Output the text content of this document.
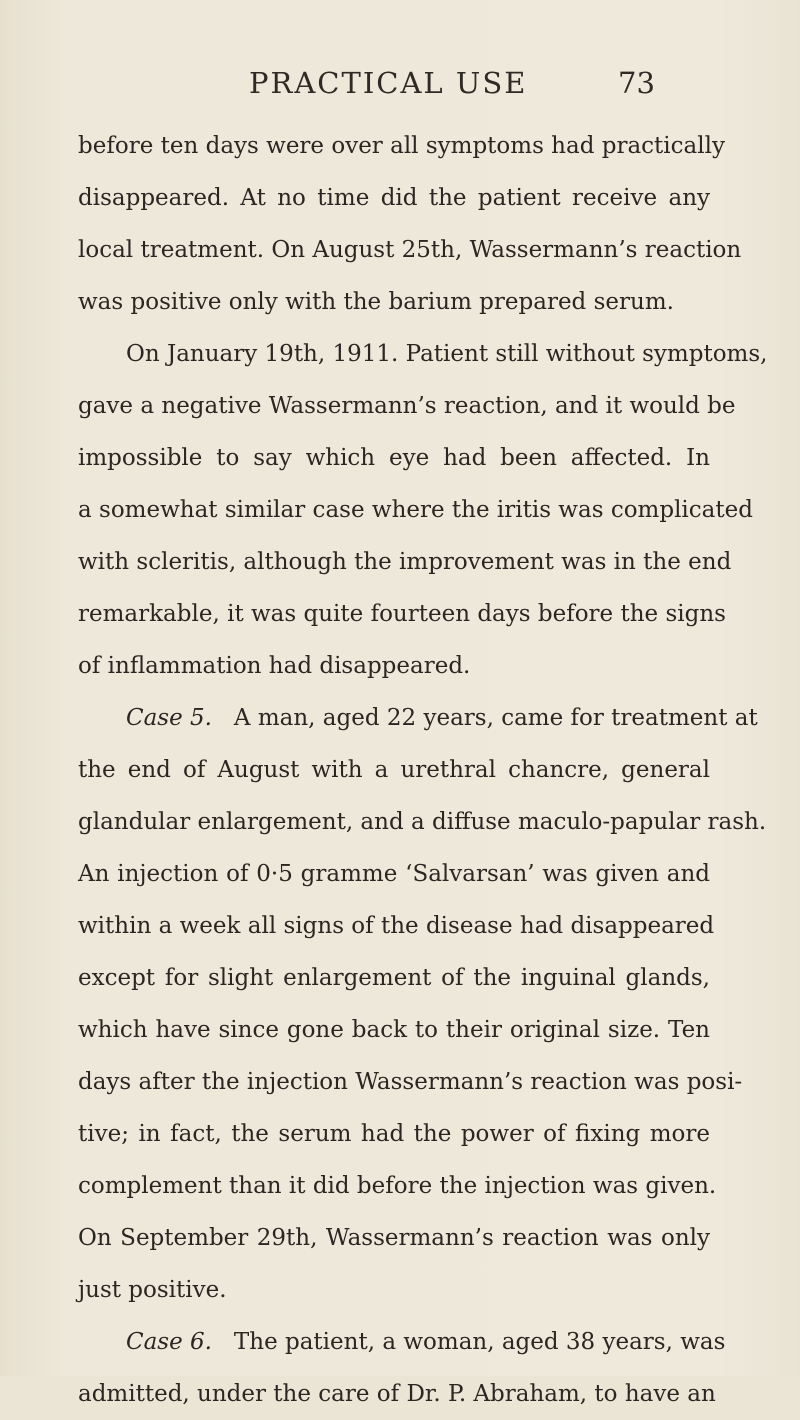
PRACTICAL USE	73
before ten days were over all symptoms had practically
disappeared. At no time did the patient receive any
local treatment. On August 25th, Wassermann’s reaction
was positive only with the barium prepared serum.
On January 19th, 1911. Patient still without symptoms,
gave a negative Wassermann’s reaction, and it would be
impossible to say which eye had been affected. In
a somewhat similar case where the iritis was complicated
with scleritis, although the improvement was in the end
remarkable, it was quite fourteen days before the signs
of inflammation had disappeared.
Case 5. A man, aged 22 years, came for treatment at
the end of August with a urethral chancre, general
glandular enlargement, and a diffuse maculo-papular rash.
An injection of 0·5 gramme ‘Salvarsan’ was given and
within a week all signs of the disease had disappeared
except for slight enlargement of the inguinal glands,
which have since gone back to their original size. Ten
days after the injection Wassermann’s reaction was posi-
tive; in fact, the serum had the power of fixing more
complement than it did before the injection was given.
On September 29th, Wassermann’s reaction was only
just positive.
Case 6. The patient, a woman, aged 38 years, was
admitted, under the care of Dr. P. Abraham, to have an
